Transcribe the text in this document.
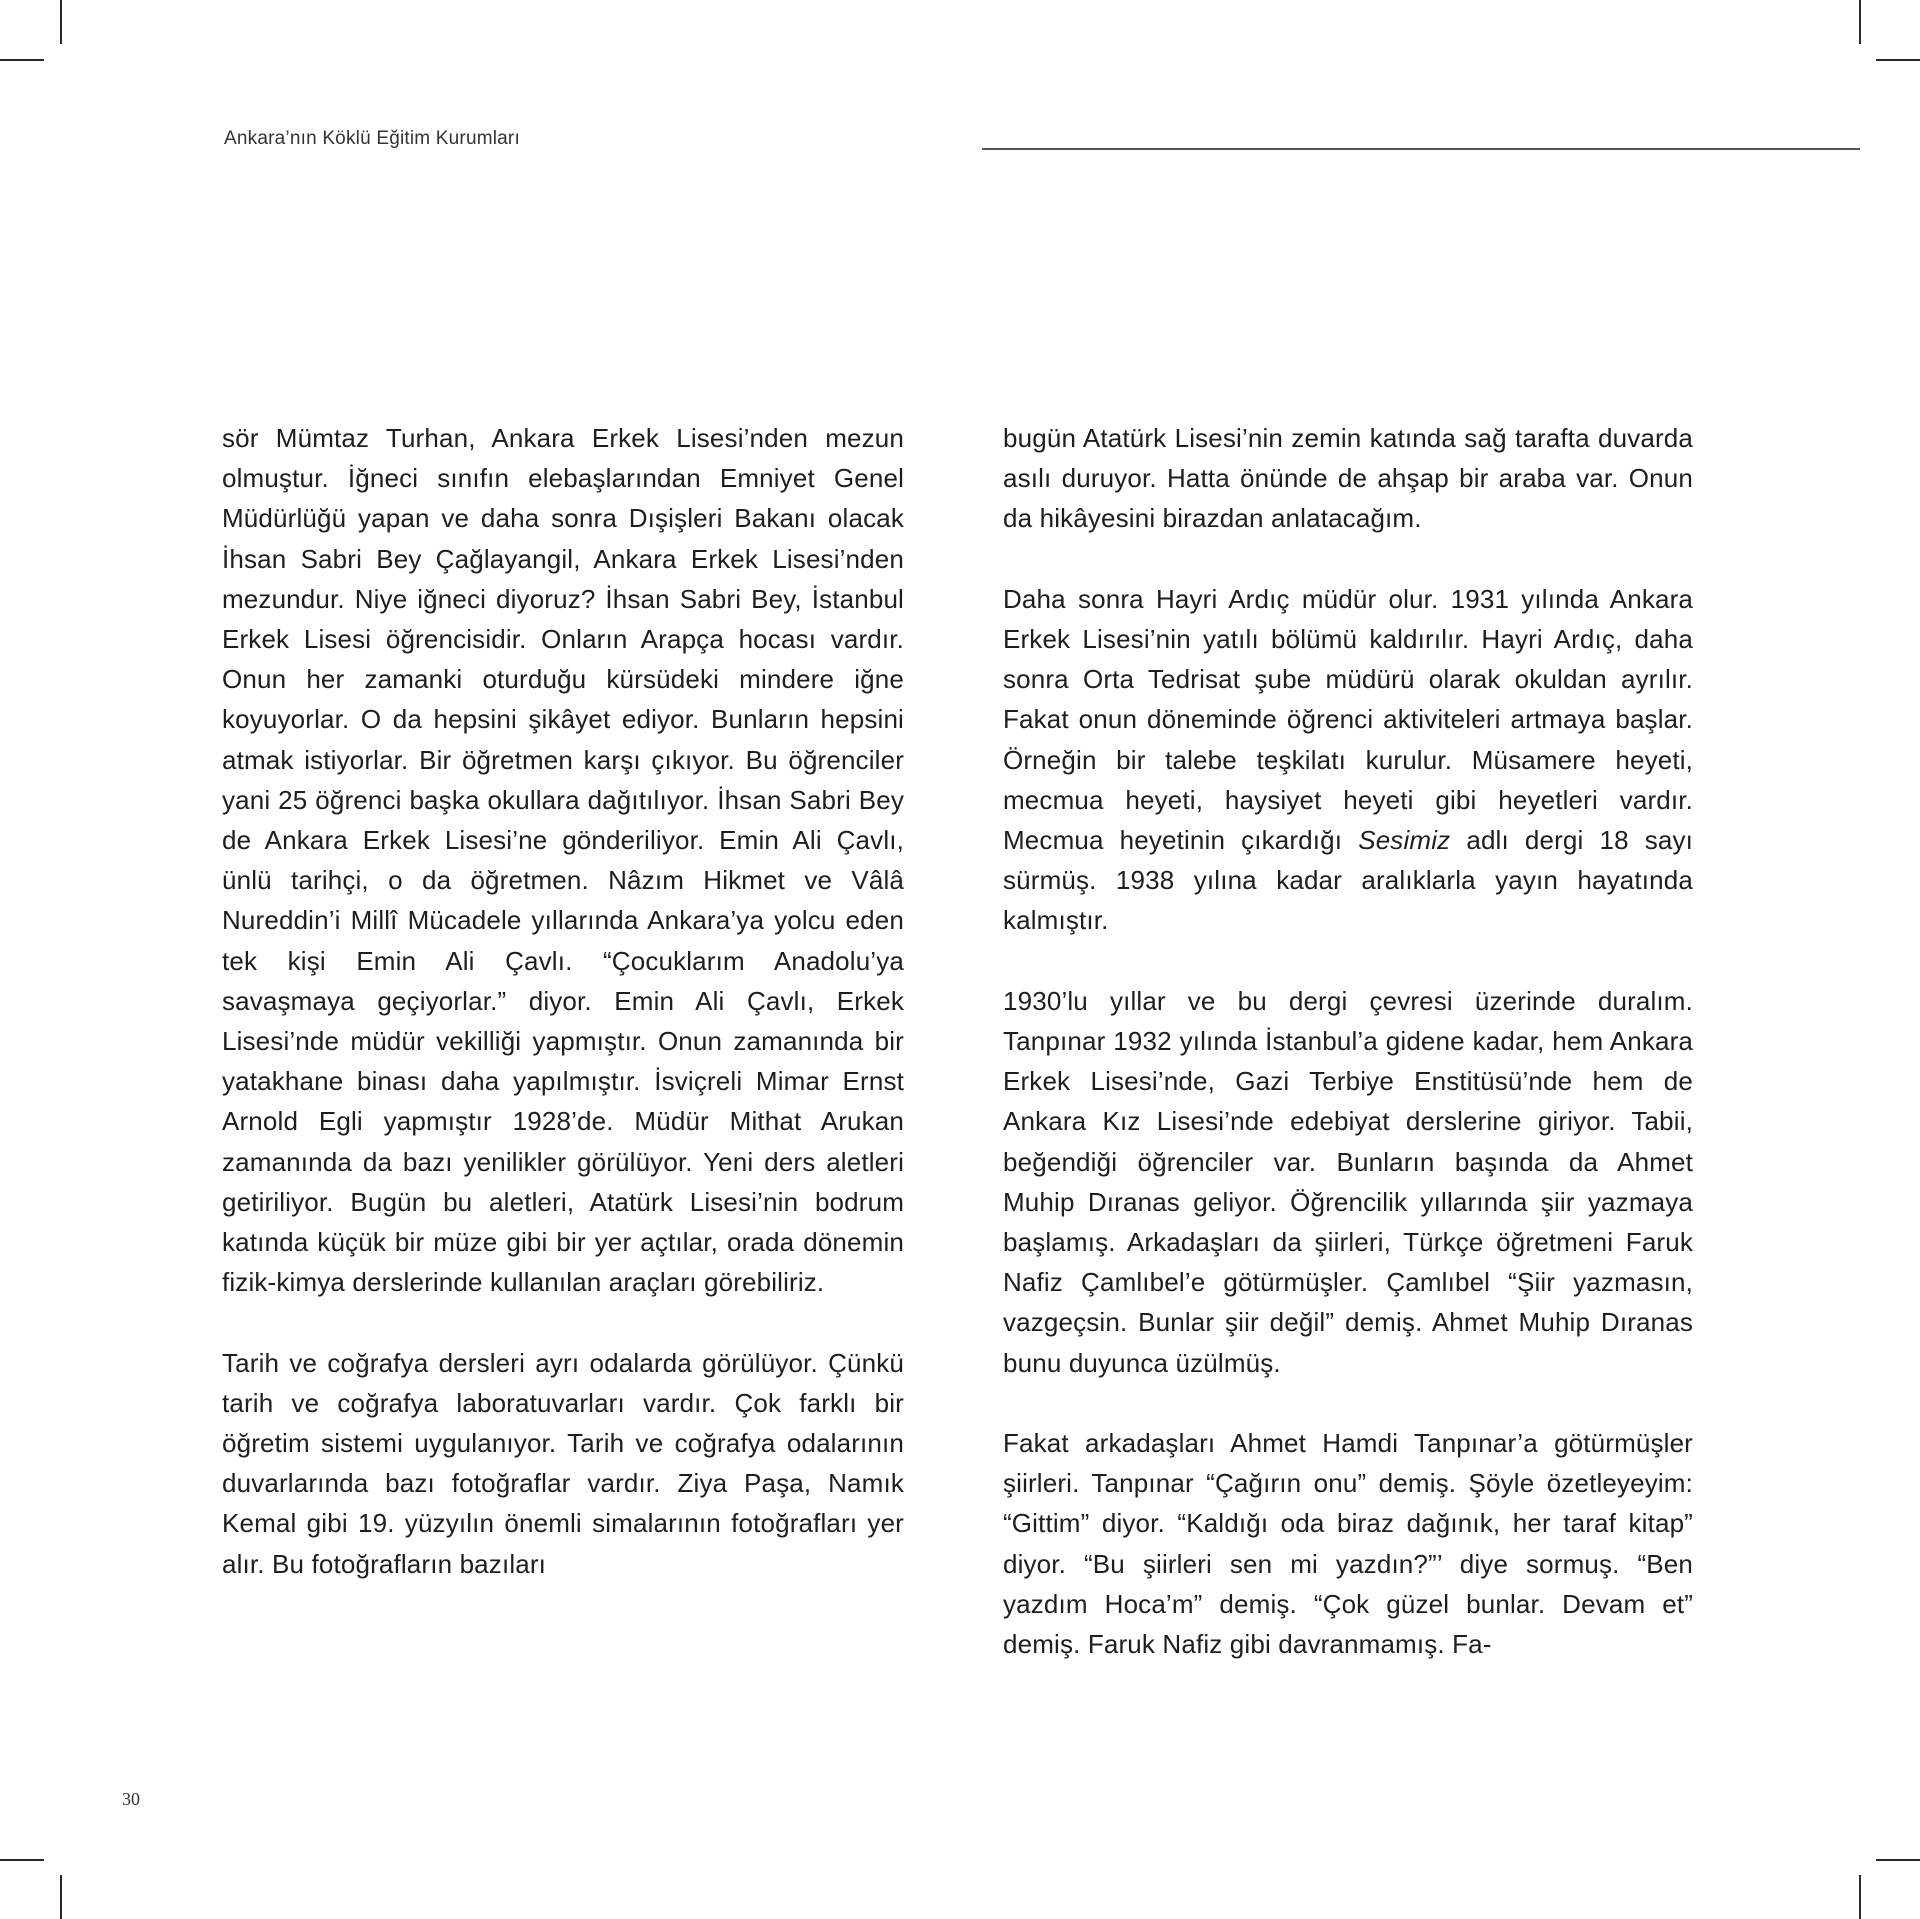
Ankara’nın Köklü Eğitim Kurumları

sör Mümtaz Turhan, Ankara Erkek Lisesi’nden mezun olmuştur. İğneci sınıfın elebaşlarından Emniyet Genel Müdürlüğü yapan ve daha sonra Dışişleri Bakanı olacak İhsan Sabri Bey Çağlayangil, Ankara Erkek Lisesi’nden mezundur. Niye iğneci diyoruz? İhsan Sabri Bey, İstanbul Erkek Lisesi öğrencisidir. Onların Arapça hocası vardır. Onun her zamanki oturduğu kürsüdeki mindere iğne koyuyorlar. O da hepsini şikâyet ediyor. Bunların hepsini atmak istiyorlar. Bir öğretmen karşı çıkıyor. Bu öğrenciler yani 25 öğrenci başka okullara dağıtılıyor. İhsan Sabri Bey de Ankara Erkek Lisesi’ne gönderiliyor. Emin Ali Çavlı, ünlü tarihçi, o da öğretmen. Nâzım Hikmet ve Vâlâ Nureddin’i Millî Mücadele yıllarında Ankara’ya yolcu eden tek kişi Emin Ali Çavlı. “Çocuklarım Anadolu’ya savaşmaya geçiyorlar.” diyor. Emin Ali Çavlı, Erkek Lisesi’nde müdür vekilliği yapmıştır. Onun zamanında bir yatakhane binası daha yapılmıştır. İsviçreli Mimar Ernst Arnold Egli yapmıştır 1928’de. Müdür Mithat Arukan zamanında da bazı yenilikler görülüyor. Yeni ders aletleri getiriliyor. Bugün bu aletleri, Atatürk Lisesi’nin bodrum katında küçük bir müze gibi bir yer açtılar, orada dönemin fizik-kimya derslerinde kullanılan araçları görebiliriz.

Tarih ve coğrafya dersleri ayrı odalarda görülüyor. Çünkü tarih ve coğrafya laboratuvarları vardır. Çok farklı bir öğretim sistemi uygulanıyor. Tarih ve coğrafya odalarının duvarlarında bazı fotoğraflar vardır. Ziya Paşa, Namık Kemal gibi 19. yüzyılın önemli simalarının fotoğrafları yer alır. Bu fotoğrafların bazıları

bugün Atatürk Lisesi’nin zemin katında sağ tarafta duvarda asılı duruyor. Hatta önünde de ahşap bir araba var. Onun da hikâyesini birazdan anlatacağım.

Daha sonra Hayri Ardıç müdür olur. 1931 yılında Ankara Erkek Lisesi’nin yatılı bölümü kaldırılır. Hayri Ardıç, daha sonra Orta Tedrisat şube müdürü olarak okuldan ayrılır. Fakat onun döneminde öğrenci aktiviteleri artmaya başlar. Örneğin bir talebe teşkilatı kurulur. Müsamere heyeti, mecmua heyeti, haysiyet heyeti gibi heyetleri vardır. Mecmua heyetinin çıkardığı Sesimiz adlı dergi 18 sayı sürmüş. 1938 yılına kadar aralıklarla yayın hayatında kalmıştır.

1930’lu yıllar ve bu dergi çevresi üzerinde duralım. Tanpınar 1932 yılında İstanbul’a gidene kadar, hem Ankara Erkek Lisesi’nde, Gazi Terbiye Enstitüsü’nde hem de Ankara Kız Lisesi’nde edebiyat derslerine giriyor. Tabii, beğendiği öğrenciler var. Bunların başında da Ahmet Muhip Dıranas geliyor. Öğrencilik yıllarında şiir yazmaya başlamış. Arkadaşları da şiirleri, Türkçe öğretmeni Faruk Nafiz Çamlıbel’e götürmüşler. Çamlıbel “Şiir yazmasın, vazgeçsin. Bunlar şiir değil” demiş. Ahmet Muhip Dıranas bunu duyunca üzülmüş.

Fakat arkadaşları Ahmet Hamdi Tanpınar’a götürmüşler şiirleri. Tanpınar “Çağırın onu” demiş. Şöyle özetleyeyim: “Gittim” diyor. “Kaldığı oda biraz dağınık, her taraf kitap” diyor. “Bu şiirleri sen mi yazdın?”’ diye sormuş. “Ben yazdım Hoca’m” demiş. “Çok güzel bunlar. Devam et” demiş. Faruk Nafiz gibi davranmamış. Fa-

30
